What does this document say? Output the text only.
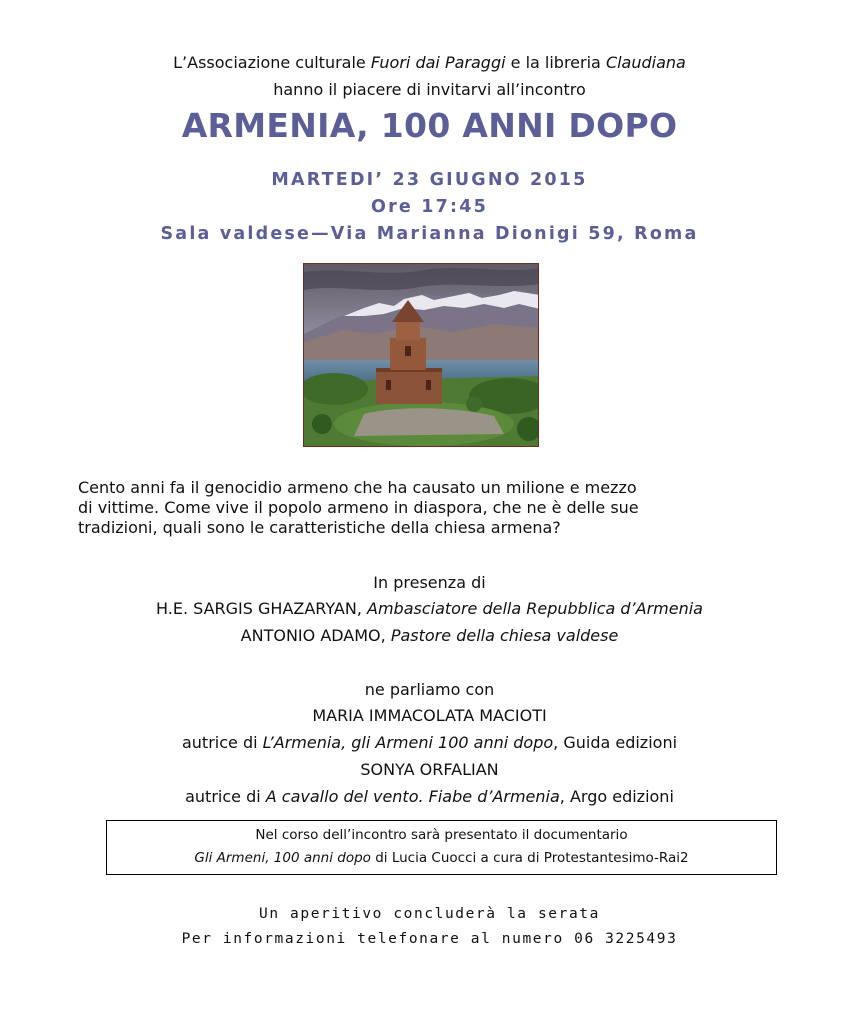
L’Associazione culturale Fuori dai Paraggi e la libreria Claudiana
hanno il piacere di invitarvi all’incontro
ARMENIA, 100 ANNI DOPO
MARTEDI’ 23 GIUGNO 2015
Ore 17:45
Sala valdese—Via Marianna Dionigi 59, Roma
Cento anni fa il genocidio armeno che ha causato un milione e mezzo
di vittime. Come vive il popolo armeno in diaspora, che ne è delle sue
tradizioni, quali sono le caratteristiche della chiesa armena?
In presenza di
H.E. SARGIS GHAZARYAN, Ambasciatore della Repubblica d’Armenia
ANTONIO ADAMO, Pastore della chiesa valdese
ne parliamo con
MARIA IMMACOLATA MACIOTI
autrice di L’Armenia, gli Armeni 100 anni dopo, Guida edizioni
SONYA ORFALIAN
autrice di A cavallo del vento. Fiabe d’Armenia, Argo edizioni
Nel corso dell’incontro sarà presentato il documentario
Gli Armeni, 100 anni dopo di Lucia Cuocci a cura di Protestantesimo-Rai2
Un aperitivo concluderà la serata
Per informazioni telefonare al numero 06 3225493
